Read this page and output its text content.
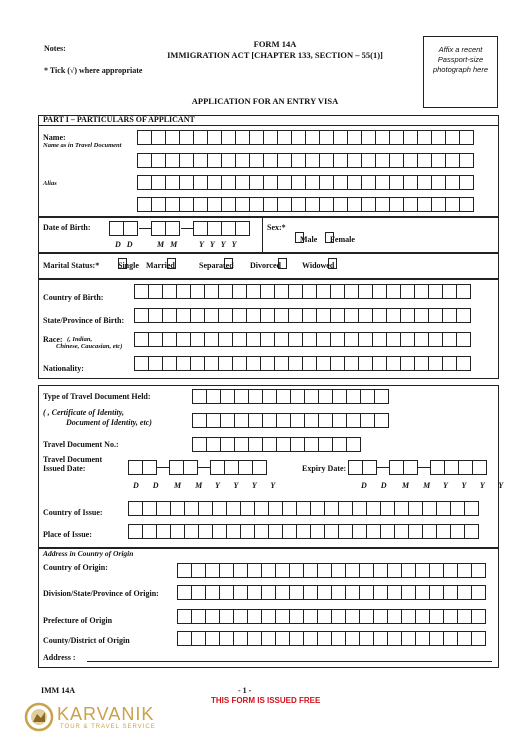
Notes:
* Tick (√) where appropriate
FORM 14A
IMMIGRATION ACT [CHAPTER 133, SECTION – 55(1)]
Affix a recent Passport-size photograph here
APPLICATION FOR AN ENTRY VISA
PART I – PARTICULARS OF APPLICANT
Name:
Name as in Travel Document
Alias
Date of Birth:
DD MM YYYY
Sex:*
Male Female
Marital Status:* Single Married	Separated Divorced	Widowed
Country of Birth:
State/Province of Birth:
Race: (, Indian,
Chinese, Caucasian, etc)
Nationality:
Type of Travel Document Held:
( , Certificate of Identity,
Document of Identity, etc)
Travel Document No.:
Travel Document
Issued Date:	Expiry Date:
D D M M Y Y Y Y	D D M M Y Y Y Y
Country of Issue:
Place of Issue:
Address in Country of Origin
Country of Origin:
Division/State/Province of Origin:
Prefecture of Origin
County/District of Origin
Address :
IMM 14A	- 1 -
THIS FORM IS ISSUED FREE
KARVANIK
TOUR & TRAVEL SERVICE
